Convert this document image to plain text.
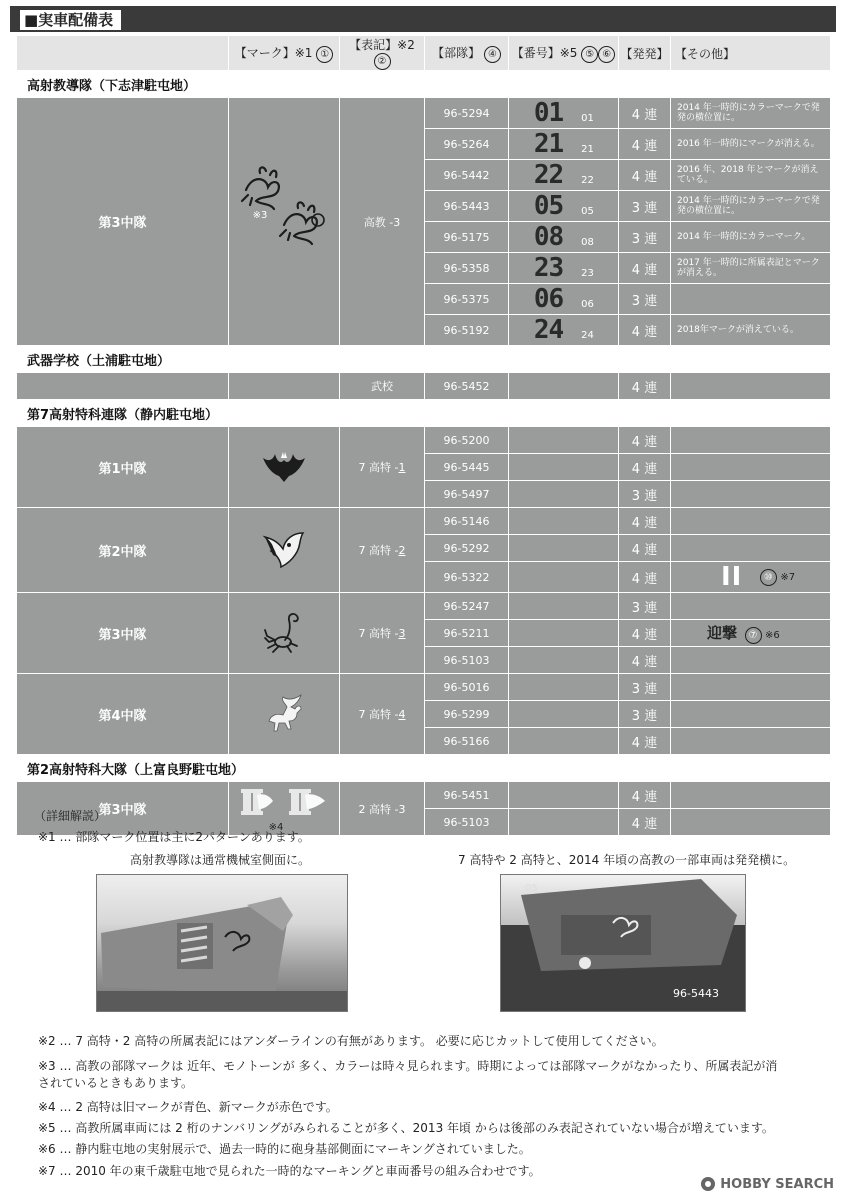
■実車配備表
	【マーク】※1 ①	【表記】※2 ②	【部隊】 ④	【番号】※5 ⑤ ⑥	【発発】	【その他】
高射教導隊（下志津駐屯地）						
第3中隊	※3	高教 -3	96-5294	01 01	4 連	2014 年一時的にカラーマークで発発の横位置に。
			96-5264	21 21	4 連	2016 年一時的にマークが消える。
			96-5442	22 22	4 連	2016 年、2018 年とマークが消えている。
			96-5443	05 05	3 連	2014 年一時的にカラーマークで発発の横位置に。
			96-5175	08 08	3 連	2014 年一時的にカラーマーク。
			96-5358	23 23	4 連	2017 年一時的に所属表記とマークが消える。
			96-5375	06 06	3 連	
			96-5192	24 24	4 連	2018年マークが消えている。
武器学校（土浦駐屯地）						
		武校	96-5452		4 連	
第7高射特科連隊（静内駐屯地）						
第1中隊		7 高特 -1	96-5200		4 連	
			96-5445		4 連	
			96-5497		3 連	
第2中隊		7 高特 -2	96-5146		4 連	
			96-5292		4 連	
			96-5322		4 連	II ⑩ ※7
第3中隊		7 高特 -3	96-5247		3 連	
			96-5211		4 連	迎撃 ⑦ ※6
			96-5103		4 連	
第4中隊		7 高特 -4	96-5016		3 連	
			96-5299		3 連	
			96-5166		4 連	
第2高射特科大隊（上富良野駐屯地）						
第3中隊	※4	2 高特 -3	96-5451		4 連	
			96-5103		4 連	
（詳細解説）
※1 … 部隊マーク位置は主に2パターンあります。
高射教導隊は通常機械室側面に。	7 高特や 2 高特と、2014 年頃の高教の一部車両は発発横に。
05
96-5443
※2 … 7 高特・2 高特の所属表記にはアンダーラインの有無があります。 必要に応じカットして使用してください。
※3 … 高教の部隊マークは 近年、モノトーンが 多く、カラーは時々見られます。時期によっては部隊マークがなかったり、所属表記が消されているときもあります。
※4 … 2 高特は旧マークが青色、新マークが赤色です。
※5 … 高教所属車両には 2 桁のナンバリングがみられることが多く、2013 年頃 からは後部のみ表記されていない場合が増えています。
※6 … 静内駐屯地の実射展示で、過去一時的に砲身基部側面にマーキングされていました。
※7 … 2010 年の東千歳駐屯地で見られた一時的なマーキングと車両番号の組み合わせです。
HOBBY SEARCH
